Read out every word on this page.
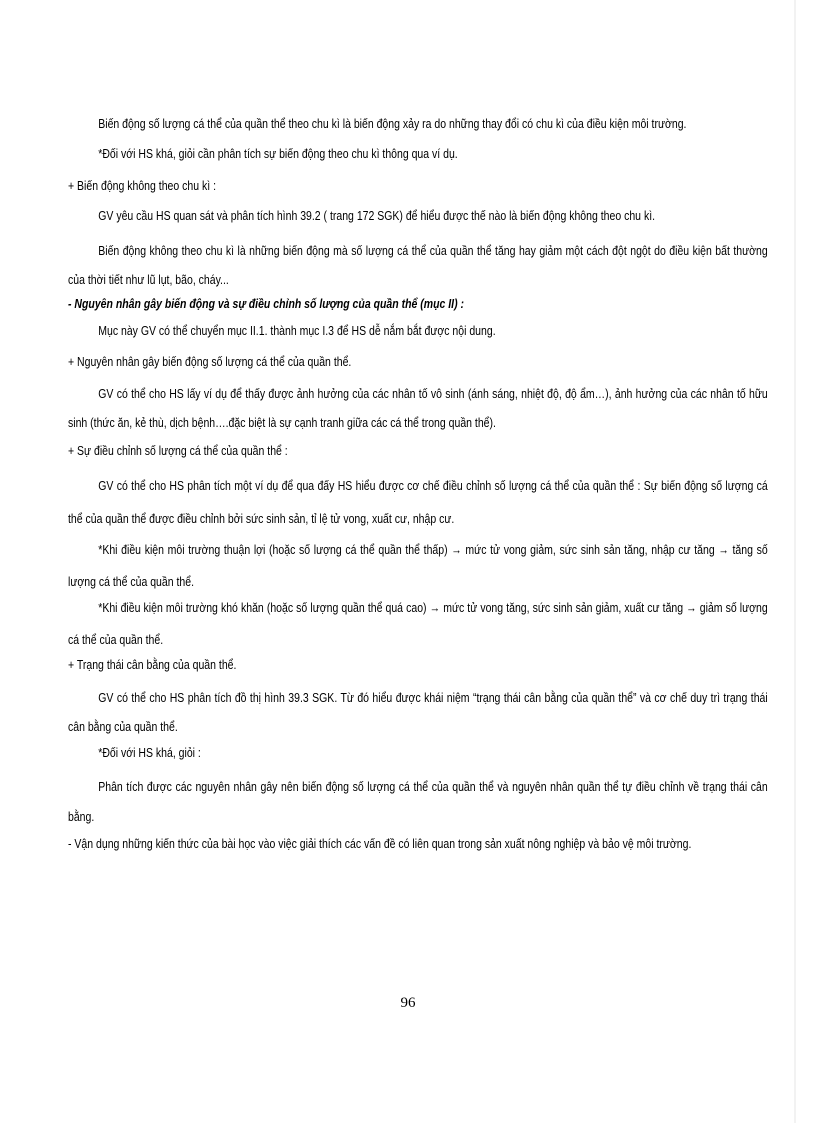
Biến động số lượng cá thể của quần thể theo chu kì là biến động xảy ra do những thay đổi có chu kì của điều kiện môi trường.

*Đối với HS khá, giỏi cần phân tích sự biến động theo chu kì thông qua ví dụ.

+ Biến động không theo chu kì :

GV yêu cầu HS quan sát và phân tích hình 39.2 ( trang 172 SGK) để hiểu được thế nào là biến động không theo chu kì.

Biến động không theo chu kì là những biến động mà số lượng cá thể của quần thể tăng hay giảm một cách đột ngột do điều kiện bất thường của thời tiết như lũ lụt, bão, cháy...

- Nguyên nhân gây biến động và sự điều chỉnh số lượng của quần thể (mục II) :

Mục này GV có thể chuyển mục II.1. thành mục I.3 để HS dễ nắm bắt được nội dung.

+ Nguyên nhân gây biến động số lượng cá thể của quần thể.

GV có thể cho HS lấy ví dụ để thấy được ảnh hưởng của các nhân tố vô sinh (ánh sáng, nhiệt độ, độ ẩm…), ảnh hưởng của các nhân tố hữu sinh (thức ăn, kẻ thù, dịch bệnh….đặc biệt là sự cạnh tranh giữa các cá thể trong quần thể).

+ Sự điều chỉnh số lượng cá thể của quần thể :

GV có thể cho HS phân tích một ví dụ để qua đấy HS hiểu được cơ chế điều chỉnh số lượng cá thể của quần thể : Sự biến động số lượng cá thể của quần thể được điều chỉnh bởi sức sinh sản, tỉ lệ tử vong, xuất cư, nhập cư.

*Khi điều kiện môi trường thuận lợi (hoặc số lượng cá thể quần thể thấp) → mức tử vong giảm, sức sinh sản tăng, nhập cư tăng → tăng số lượng cá thể của quần thể.

*Khi điều kiện môi trường khó khăn (hoặc số lượng quần thể quá cao) → mức tử vong tăng, sức sinh sản giảm, xuất cư tăng → giảm số lượng cá thể của quần thể.

+ Trạng thái cân bằng của quần thể.

GV có thể cho HS phân tích đồ thị hình 39.3 SGK. Từ đó hiểu được khái niệm “trạng thái cân bằng của quần thể” và cơ chế duy trì trạng thái cân bằng của quần thể.

*Đối với HS khá, giỏi :

Phân tích được các nguyên nhân gây nên biến động số lượng cá thể của quần thể và nguyên nhân quần thể tự điều chỉnh về trạng thái cân bằng.

- Vận dụng những kiến thức của bài học vào việc giải thích các vấn đề có liên quan trong sản xuất nông nghiệp và bảo vệ môi trường.

96
